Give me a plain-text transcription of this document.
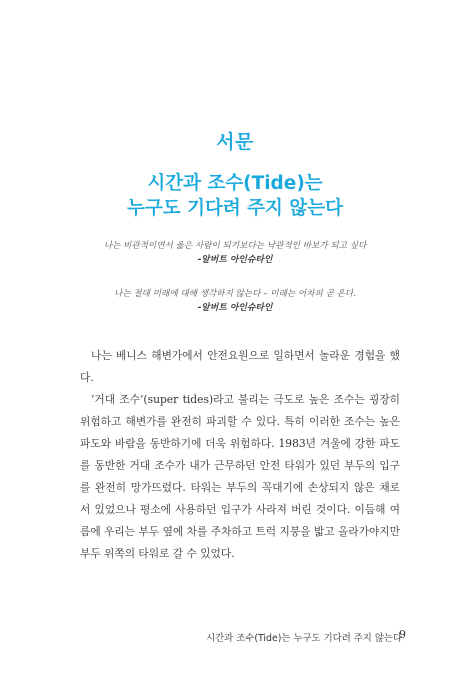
서문
시간과 조수(Tide)는
누구도 기다려 주지 않는다
나는 비관적이면서 옳은 사람이 되기보다는 낙관적인 바보가 되고 싶다
-알버트 아인슈타인
나는 절대 미래에 대해 생각하지 않는다 – 미래는 어차피 곧 온다.
-알버트 아인슈타인

나는 베니스 해변가에서 안전요원으로 일하면서 놀라운 경험을 했다.

‘거대 조수’(super tides)라고 불리는 극도로 높은 조수는 굉장히 위험하고 해변가를 완전히 파괴할 수 있다. 특히 이러한 조수는 높은 파도와 바람을 동반하기에 더욱 위험하다. 1983년 겨울에 강한 파도를 동반한 거대 조수가 내가 근무하던 안전 타워가 있던 부두의 입구를 완전히 망가뜨렸다. 타워는 부두의 꼭대기에 손상되지 않은 채로 서 있었으나 평소에 사용하던 입구가 사라져 버린 것이다. 이듬해 여름에 우리는 부두 옆에 차를 주차하고 트럭 지붕을 밟고 올라가야지만 부두 위쪽의 타워로 갈 수 있었다.

시간과 조수(Tide)는 누구도 기다려 주지 않는다
9
